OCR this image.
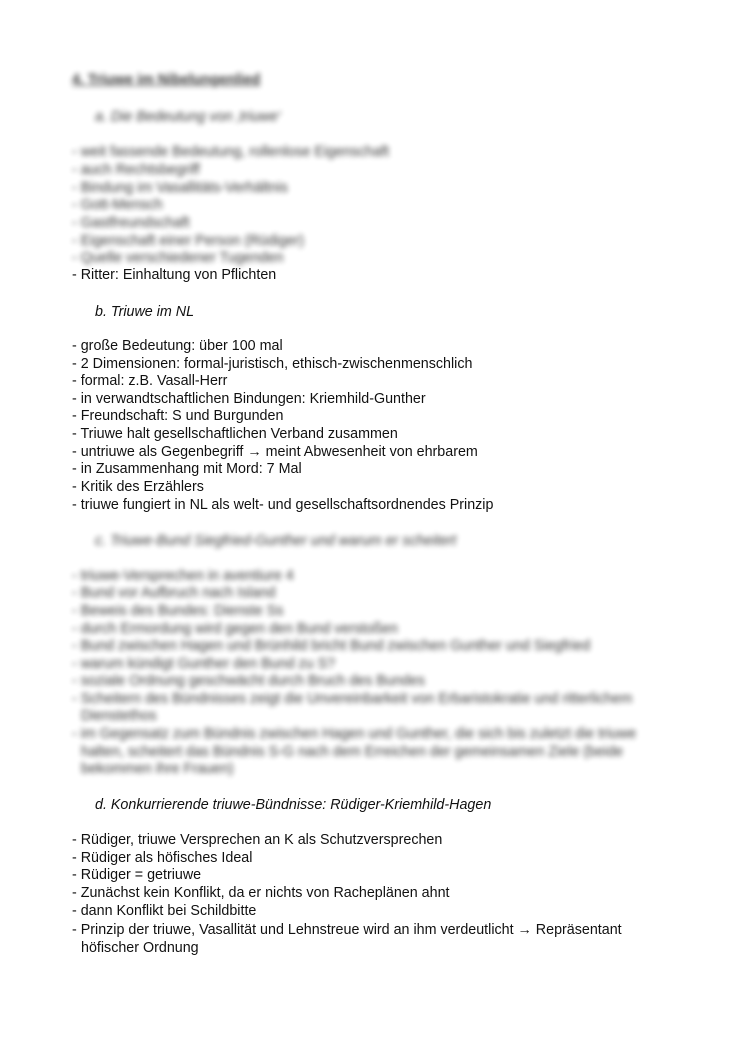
4. Triuwe im Nibelungenlied
a. Die Bedeutung von ‚triuwe‘
- weit fassende Bedeutung, rollenlose Eigenschaft
- auch Rechtsbegriff
- Bindung im Vasallitäts-Verhältnis
- Gott-Mensch
- Gastfreundschaft
- Eigenschaft einer Person (Rüdiger)
- Quelle verschiedener Tugenden
- Ritter: Einhaltung von Pflichten
b. Triuwe im NL
- große Bedeutung: über 100 mal
- 2 Dimensionen: formal-juristisch, ethisch-zwischenmenschlich
- formal: z.B. Vasall-Herr
- in verwandtschaftlichen Bindungen: Kriemhild-Gunther
- Freundschaft: S und Burgunden
- Triuwe halt gesellschaftlichen Verband zusammen
- untriuwe als Gegenbegriff → meint Abwesenheit von ehrbarem
- in Zusammenhang mit Mord: 7 Mal
- Kritik des Erzählers
- triuwe fungiert in NL als welt- und gesellschaftsordnendes Prinzip
c. Triuwe-Bund Siegfried-Gunther und warum er scheitert
- triuwe-Versprechen in aventiure 4
- Bund vor Aufbruch nach Island
- Beweis des Bundes: Dienste Ss
- durch Ermordung wird gegen den Bund verstoßen
- Bund zwischen Hagen und Brünhild bricht Bund zwischen Gunther und Siegfried
- warum kündigt Gunther den Bund zu S?
- soziale Ordnung geschwächt durch Bruch des Bundes
- Scheitern des Bündnisses zeigt die Unvereinbarkeit von Erbaristokratie und ritterlichem
Dienstethos
- im Gegensatz zum Bündnis zwischen Hagen und Gunther, die sich bis zuletzt die triuwe
halten, scheitert das Bündnis S-G nach dem Erreichen der gemeinsamen Ziele (beide
bekommen ihre Frauen)
d. Konkurrierende triuwe-Bündnisse: Rüdiger-Kriemhild-Hagen
- Rüdiger, triuwe Versprechen an K als Schutzversprechen
- Rüdiger als höfisches Ideal
- Rüdiger = getriuwe
- Zunächst kein Konflikt, da er nichts von Racheplänen ahnt
- dann Konflikt bei Schildbitte
- Prinzip der triuwe, Vasallität und Lehnstreue wird an ihm verdeutlicht → Repräsentant
höfischer Ordnung
